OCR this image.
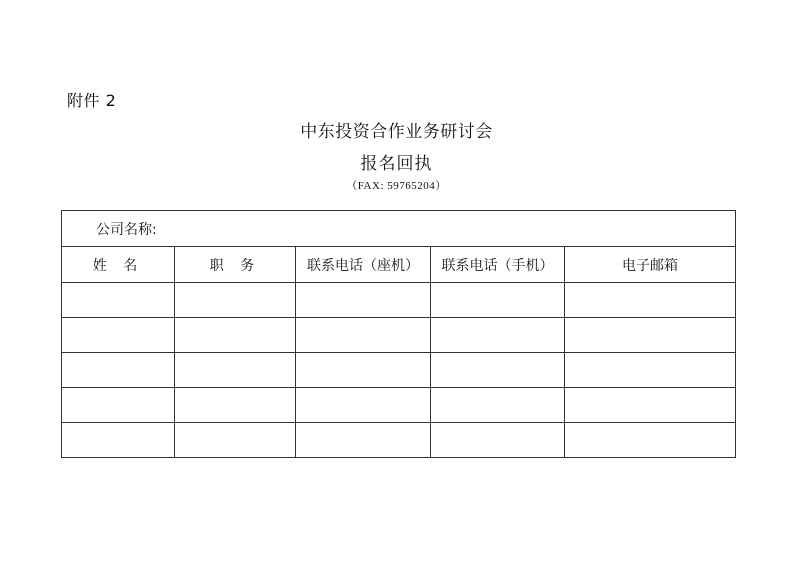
附件 2
中东投资合作业务研讨会
报名回执
（FAX: 59765204）
公司名称:				
姓 名	职 务	联系电话（座机）	联系电话（手机）	电子邮箱
